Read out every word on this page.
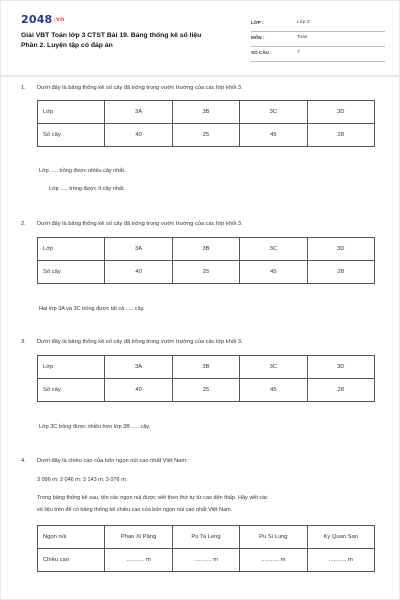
2048.vn
Giải VBT Toán lớp 3 CTST Bài 19. Bảng thống kê số liệu
Phần 2. Luyện tập có đáp án
LỚP :	Lớp 3
MÔN :	Toán
SỐ CÂU :	7
1. Dưới đây là bảng thống kê số cây đã trồng trong vườn trường của các lớp khối 3.
Lớp	3A	3B	3C	3D
Số cây	40	25	45	28
Lớp ..... trồng được nhiều cây nhất.
Lớp ..... trồng được ít cây nhất.
2. Dưới đây là bảng thống kê số cây đã trồng trong vườn trường của các lớp khối 3.
Lớp	3A	3B	3C	3D
Số cây	40	25	45	28
Hai lớp 3A và 3C trồng được tất cả ..... cây.
3. Dưới đây là bảng thống kê số cây đã trồng trong vườn trường của các lớp khối 3.
Lớp	3A	3B	3C	3D
Số cây	40	25	45	28
Lớp 3C trồng được nhiều hơn lớp 3B ..... cây.
4. Dưới đây là chiều cao của bốn ngọn núi cao nhất Việt Nam:
3 096 m; 3 046 m; 3 143 m; 3 076 m.
Trong bảng thống kê sau, tên các ngọn núi được viết theo thứ tự từ cao đến thấp. Hãy viết các
số liệu trên để có bảng thống kê chiều cao của bốn ngọn núi cao nhất Việt Nam.
Ngọn núi	Phan Xi Păng	Pu Ta Leng	Pu Si Lung	Ky Quan San
Chiều cao	........... m	........... m	........... m	........... m
